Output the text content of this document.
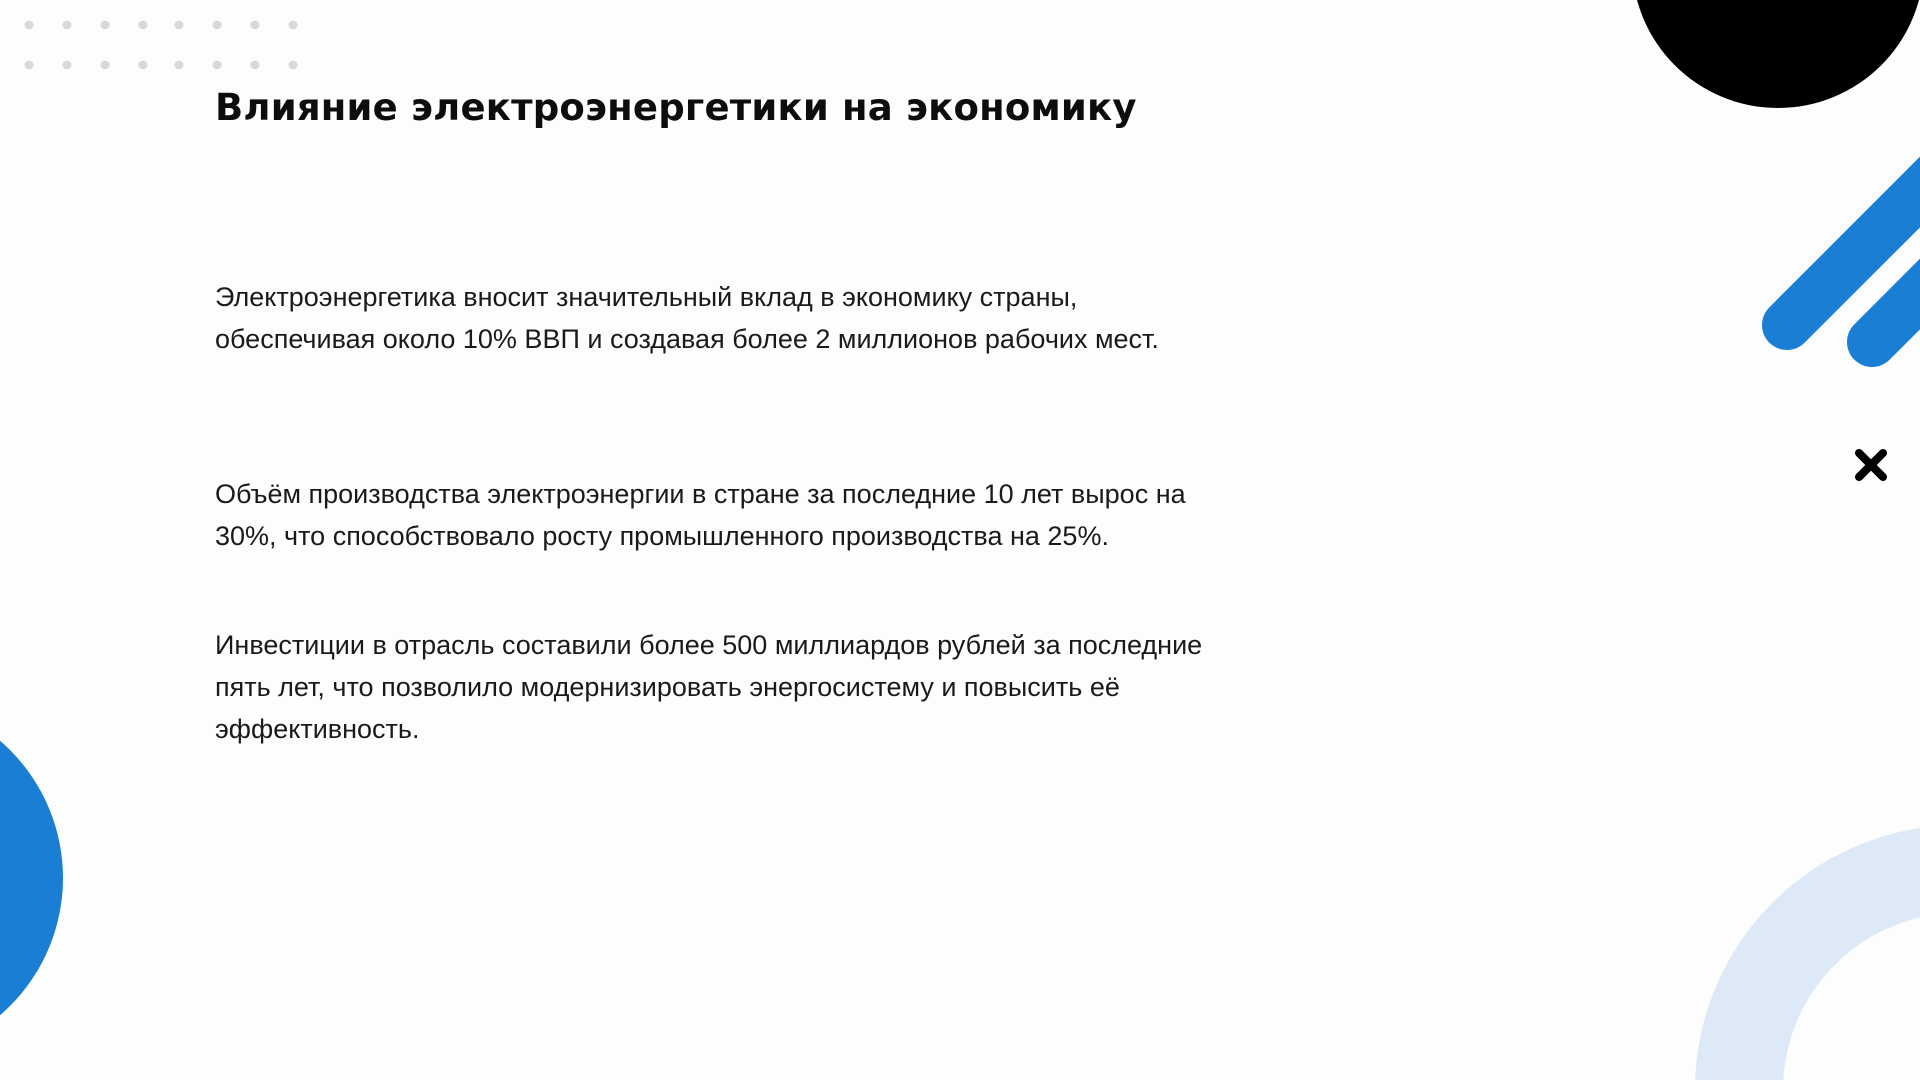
Влияние электроэнергетики на экономику

Электроэнергетика вносит значительный вклад в экономику страны, обеспечивая около 10% ВВП и создавая более 2 миллионов рабочих мест.

Объём производства электроэнергии в стране за последние 10 лет вырос на 30%, что способствовало росту промышленного производства на 25%.

Инвестиции в отрасль составили более 500 миллиардов рублей за последние пять лет, что позволило модернизировать энергосистему и повысить её эффективность.
